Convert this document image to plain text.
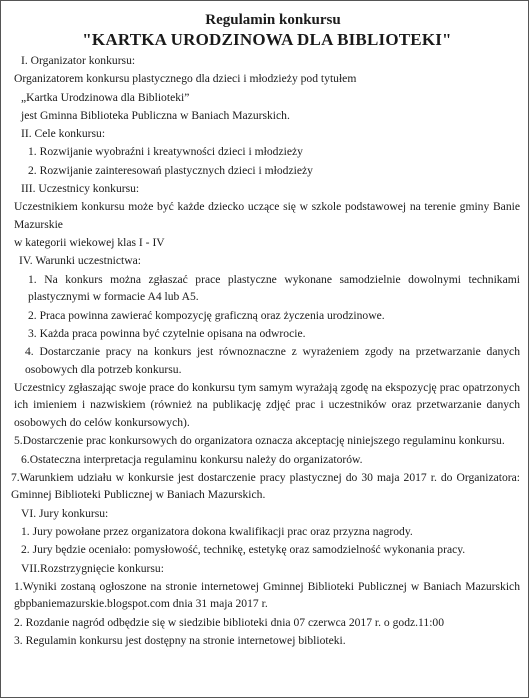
Regulamin konkursu
"KARTKA URODZINOWA DLA BIBLIOTEKI"

I. Organizator konkursu:

Organizatorem konkursu plastycznego dla dzieci i młodzieży pod tytułem

„Kartka Urodzinowa dla Biblioteki”

jest Gminna Biblioteka Publiczna w Baniach Mazurskich.

II. Cele konkursu:

1. Rozwijanie wyobraźni i kreatywności dzieci i młodzieży

2. Rozwijanie zainteresowań plastycznych dzieci i młodzieży

III. Uczestnicy konkursu:

Uczestnikiem konkursu może być każde dziecko uczące się w szkole podstawowej na terenie gminy Banie Mazurskie

w kategorii wiekowej klas I - IV

IV. Warunki uczestnictwa:

1. Na konkurs można zgłaszać prace plastyczne wykonane samodzielnie dowolnymi technikami plastycznymi w formacie A4 lub A5.

2. Praca powinna zawierać kompozycję graficzną oraz życzenia urodzinowe.

3. Każda praca powinna być czytelnie opisana na odwrocie.

4. Dostarczanie pracy na konkurs jest równoznaczne z wyrażeniem zgody na przetwarzanie danych osobowych dla potrzeb konkursu.

Uczestnicy zgłaszając swoje prace do konkursu tym samym wyrażają zgodę na ekspozycję prac opatrzonych ich imieniem i nazwiskiem (również na publikację zdjęć prac i uczestników oraz przetwarzanie danych osobowych do celów konkursowych).

5.Dostarczenie prac konkursowych do organizatora oznacza akceptację niniejszego regulaminu konkursu.

6.Ostateczna interpretacja regulaminu konkursu należy do organizatorów.

7.Warunkiem udziału w konkursie jest dostarczenie pracy plastycznej do 30 maja 2017 r. do Organizatora: Gminnej Biblioteki Publicznej w Baniach Mazurskich.

VI. Jury konkursu:

1. Jury powołane przez organizatora dokona kwalifikacji prac oraz przyzna nagrody.

2. Jury będzie oceniało: pomysłowość, technikę, estetykę oraz samodzielność wykonania pracy.

VII.Rozstrzygnięcie konkursu:

1.Wyniki zostaną ogłoszone na stronie internetowej Gminnej Biblioteki Publicznej w Baniach Mazurskich gbpbaniemazurskie.blogspot.com dnia 31 maja 2017 r.

2. Rozdanie nagród odbędzie się w siedzibie biblioteki dnia 07 czerwca 2017 r. o godz.11:00

3. Regulamin konkursu jest dostępny na stronie internetowej biblioteki.
